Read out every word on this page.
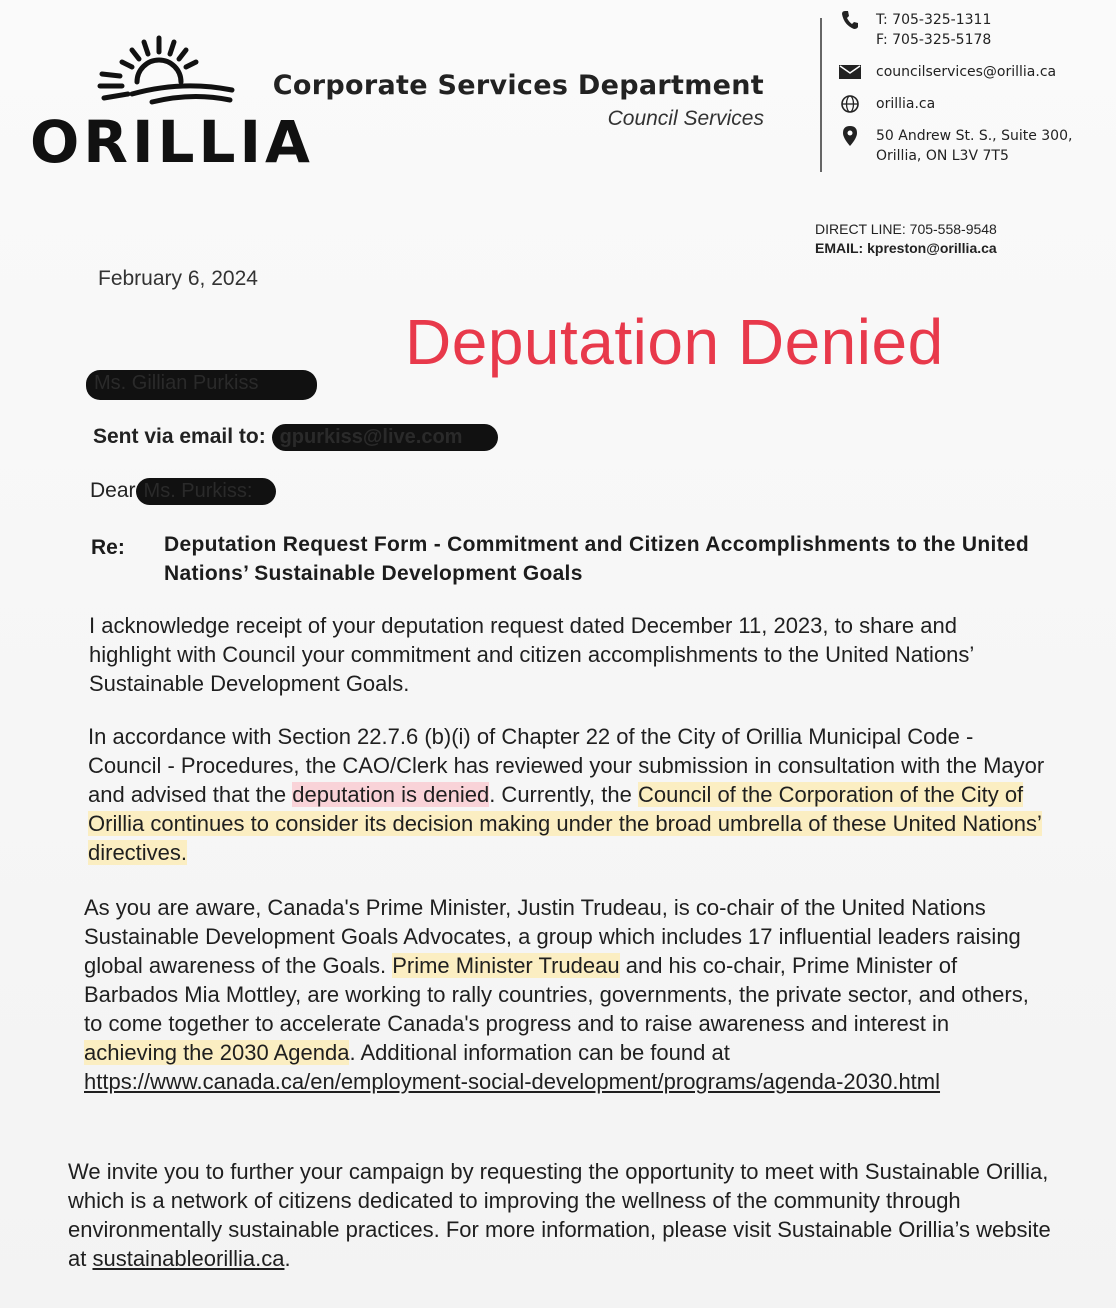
ORILLIA
Corporate Services Department
Council Services
T: 705-325-1311
F: 705-325-5178
councilservices@orillia.ca
orillia.ca
50 Andrew St. S., Suite 300,
Orillia, ON L3V 7T5
DIRECT LINE: 705-558-9548
EMAIL: kpreston@orillia.ca
February 6, 2024
Deputation Denied
Ms. Gillian Purkiss
Sent via email to: gpurkiss@live.com
Dear Ms. Purkiss:
Re: Deputation Request Form - Commitment and Citizen Accomplishments to the United Nations’ Sustainable Development Goals
I acknowledge receipt of your deputation request dated December 11, 2023, to share and highlight with Council your commitment and citizen accomplishments to the United Nations’ Sustainable Development Goals.
In accordance with Section 22.7.6 (b)(i) of Chapter 22 of the City of Orillia Municipal Code - Council - Procedures, the CAO/Clerk has reviewed your submission in consultation with the Mayor and advised that the deputation is denied. Currently, the Council of the Corporation of the City of Orillia continues to consider its decision making under the broad umbrella of these United Nations’ directives.
As you are aware, Canada's Prime Minister, Justin Trudeau, is co-chair of the United Nations Sustainable Development Goals Advocates, a group which includes 17 influential leaders raising global awareness of the Goals. Prime Minister Trudeau and his co-chair, Prime Minister of Barbados Mia Mottley, are working to rally countries, governments, the private sector, and others, to come together to accelerate Canada's progress and to raise awareness and interest in achieving the 2030 Agenda. Additional information can be found at https://www.canada.ca/en/employment-social-development/programs/agenda-2030.html
We invite you to further your campaign by requesting the opportunity to meet with Sustainable Orillia, which is a network of citizens dedicated to improving the wellness of the community through environmentally sustainable practices. For more information, please visit Sustainable Orillia’s website at sustainableorillia.ca.
